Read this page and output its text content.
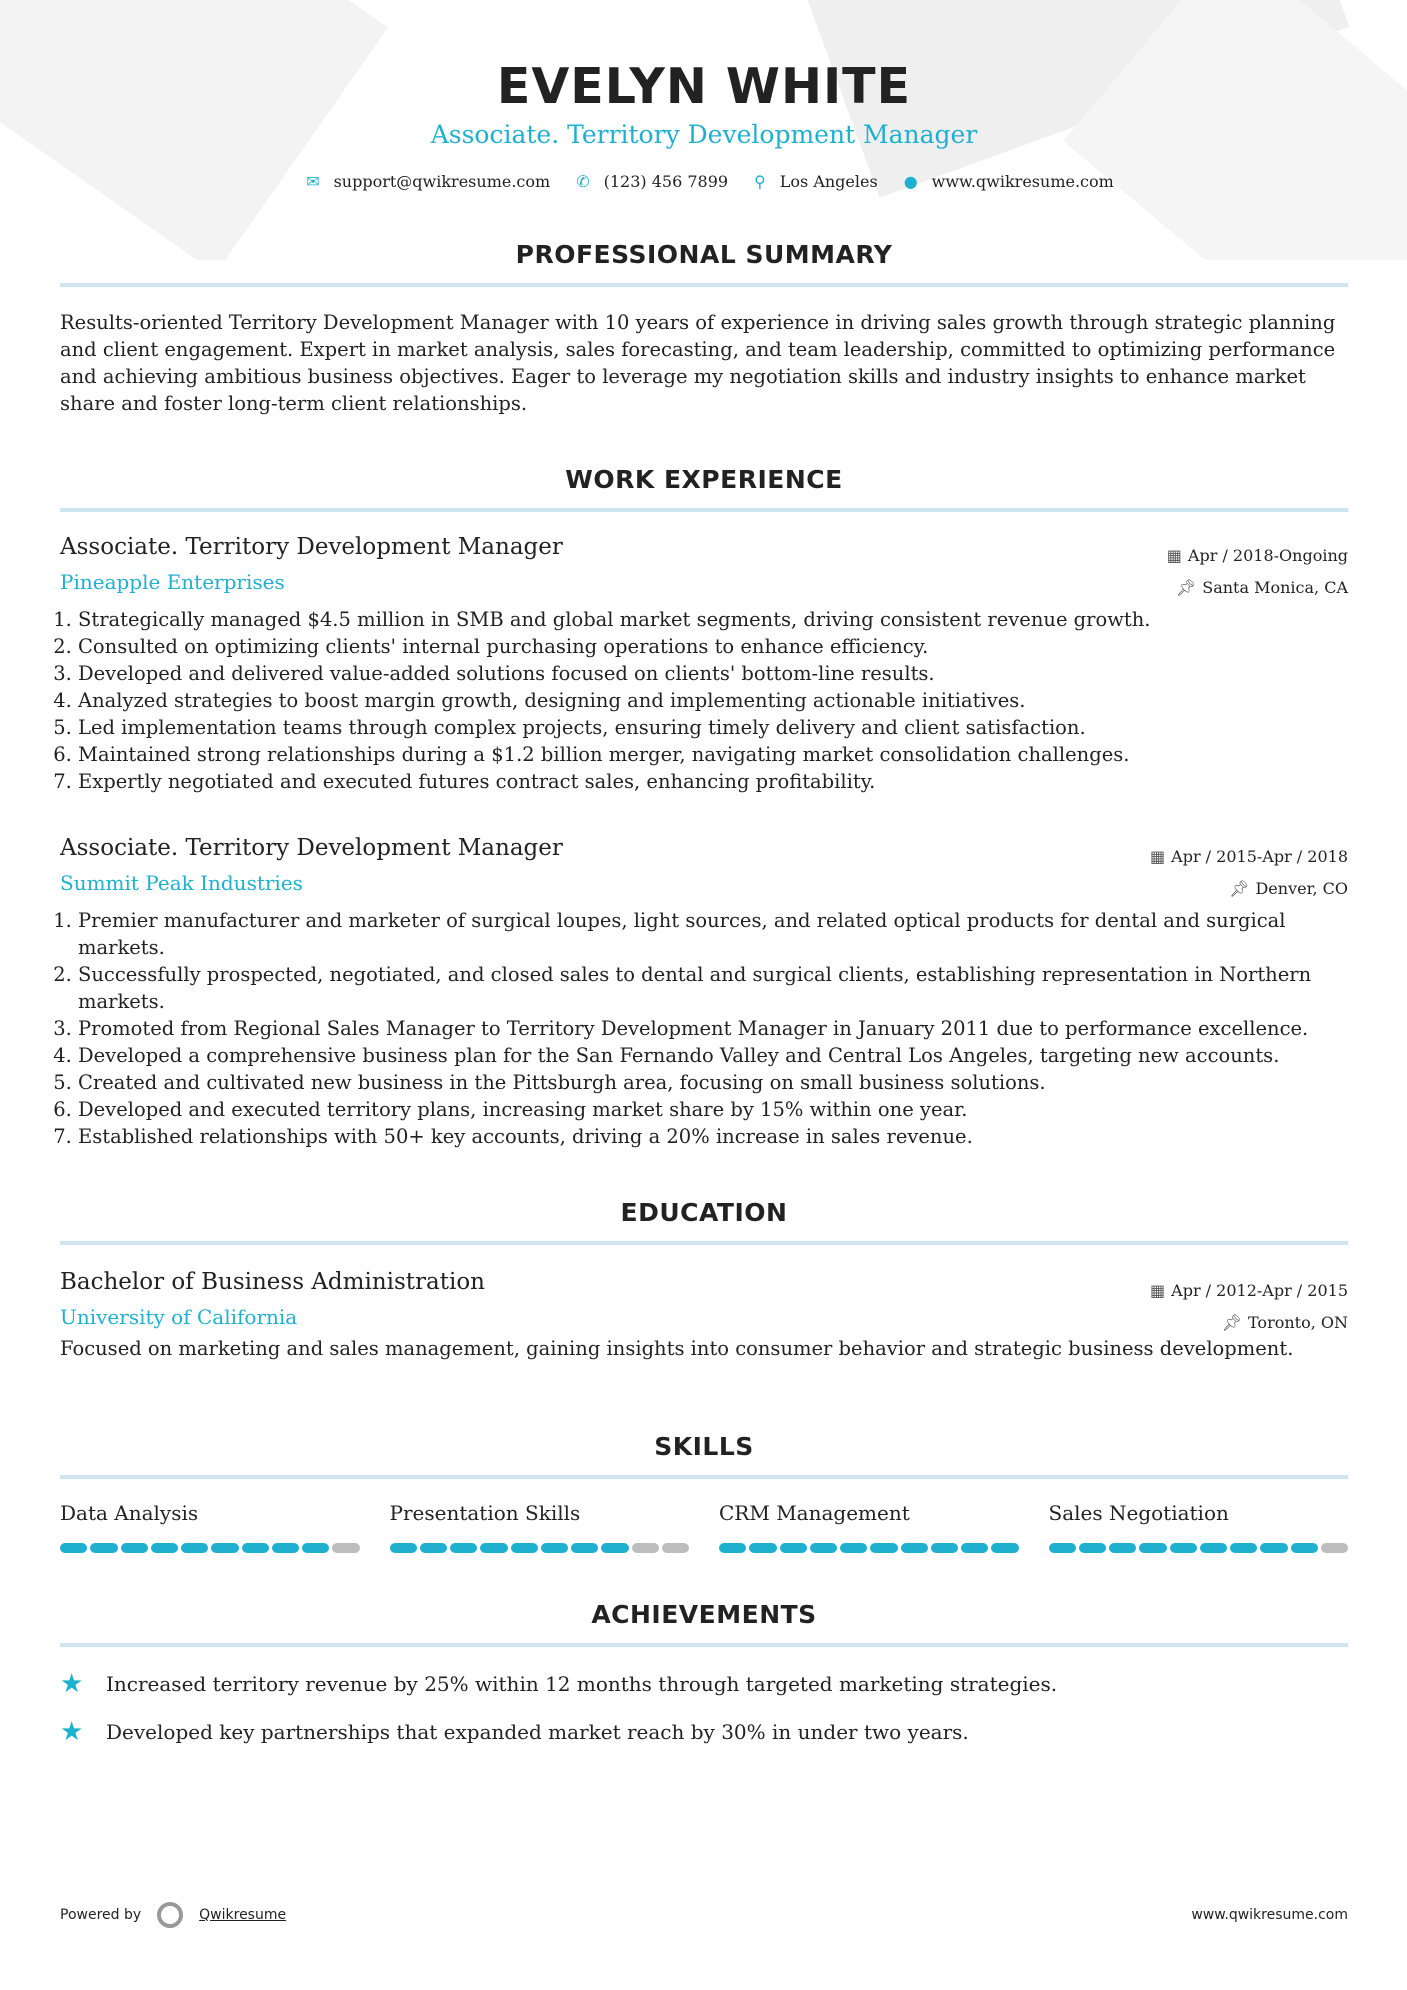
EVELYN WHITE
Associate. Territory Development Manager
✉ support@qwikresume.com ✆ (123) 456 7899 ⚲ Los Angeles ● www.qwikresume.com
PROFESSIONAL SUMMARY

Results-oriented Territory Development Manager with 10 years of experience in driving sales growth through strategic planning and client engagement. Expert in market analysis, sales forecasting, and team leadership, committed to optimizing performance and achieving ambitious business objectives. Eager to leverage my negotiation skills and industry insights to enhance market share and foster long-term client relationships.

WORK EXPERIENCE
Associate. Territory Development Manager
Pineapple Enterprises
▦ Apr / 2018-Ongoing
📌︎ Santa Monica, CA
1. Strategically managed $4.5 million in SMB and global market segments, driving consistent revenue growth.
2. Consulted on optimizing clients' internal purchasing operations to enhance efficiency.
3. Developed and delivered value-added solutions focused on clients' bottom-line results.
4. Analyzed strategies to boost margin growth, designing and implementing actionable initiatives.
5. Led implementation teams through complex projects, ensuring timely delivery and client satisfaction.
6. Maintained strong relationships during a $1.2 billion merger, navigating market consolidation challenges.
7. Expertly negotiated and executed futures contract sales, enhancing profitability.
Associate. Territory Development Manager
Summit Peak Industries
▦ Apr / 2015-Apr / 2018
📌︎ Denver, CO
1. Premier manufacturer and marketer of surgical loupes, light sources, and related optical products for dental and surgical markets.
2. Successfully prospected, negotiated, and closed sales to dental and surgical clients, establishing representation in Northern markets.
3. Promoted from Regional Sales Manager to Territory Development Manager in January 2011 due to performance excellence.
4. Developed a comprehensive business plan for the San Fernando Valley and Central Los Angeles, targeting new accounts.
5. Created and cultivated new business in the Pittsburgh area, focusing on small business solutions.
6. Developed and executed territory plans, increasing market share by 15% within one year.
7. Established relationships with 50+ key accounts, driving a 20% increase in sales revenue.
EDUCATION
Bachelor of Business Administration
University of California
▦ Apr / 2012-Apr / 2015
📌︎ Toronto, ON

Focused on marketing and sales management, gaining insights into consumer behavior and strategic business development.

SKILLS
Data Analysis	Presentation Skills	CRM Management	Sales Negotiation
ACHIEVEMENTS
★	Increased territory revenue by 25% within 12 months through targeted marketing strategies.
★	Developed key partnerships that expanded market reach by 30% in under two years.
Powered by	Qwikresume	www.qwikresume.com
